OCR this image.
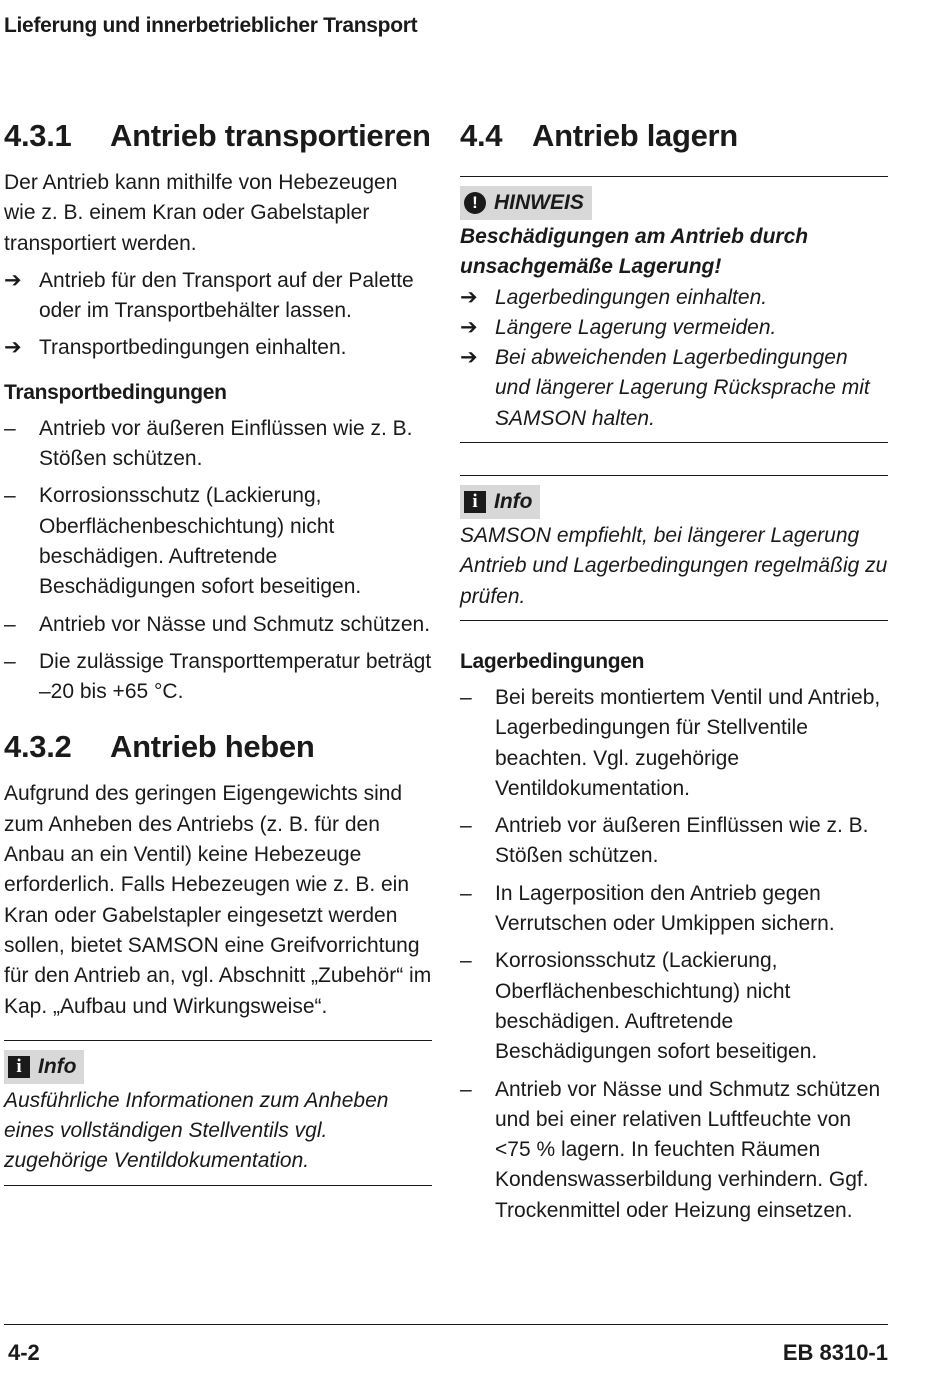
Lieferung und innerbetrieblicher Transport
4.3.1	Antrieb transportieren

Der Antrieb kann mithilfe von Hebezeugen wie z. B. einem Kran oder Gabelstapler transportiert werden.

➔ Antrieb für den Transport auf der Palette oder im Transportbehälter lassen.
➔ Transportbedingungen einhalten.
Transportbedingungen
– Antrieb vor äußeren Einflüssen wie z. B. Stößen schützen.
– Korrosionsschutz (Lackierung, Oberflächenbeschichtung) nicht beschädigen. Auftretende Beschädigungen sofort beseitigen.
– Antrieb vor Nässe und Schmutz schützen.
– Die zulässige Transporttemperatur beträgt –20 bis +65 °C.
4.3.2	Antrieb heben

Aufgrund des geringen Eigengewichts sind zum Anheben des Antriebs (z. B. für den Anbau an ein Ventil) keine Hebezeuge erforderlich. Falls Hebezeugen wie z. B. ein Kran oder Gabelstapler eingesetzt werden sollen, bietet SAMSON eine Greifvorrichtung für den Antrieb an, vgl. Abschnitt „Zubehör“ im Kap. „Aufbau und Wirkungsweise“.

i Info

Ausführliche Informationen zum Anheben eines vollständigen Stellventils vgl. zugehörige Ventildokumentation.

4.4 Antrieb lagern
! HINWEIS

Beschädigungen am Antrieb durch unsachgemäße Lagerung!

➔ Lagerbedingungen einhalten.
➔ Längere Lagerung vermeiden.
➔ Bei abweichenden Lagerbedingungen und längerer Lagerung Rücksprache mit SAMSON halten.
i Info

SAMSON empfiehlt, bei längerer Lagerung Antrieb und Lagerbedingungen regelmäßig zu prüfen.

Lagerbedingungen
– Bei bereits montiertem Ventil und Antrieb, Lagerbedingungen für Stellventile beachten. Vgl. zugehörige Ventildokumentation.
– Antrieb vor äußeren Einflüssen wie z. B. Stößen schützen.
– In Lagerposition den Antrieb gegen Verrutschen oder Umkippen sichern.
– Korrosionsschutz (Lackierung, Oberflächenbeschichtung) nicht beschädigen. Auftretende Beschädigungen sofort beseitigen.
– Antrieb vor Nässe und Schmutz schützen und bei einer relativen Luftfeuchte von <75 % lagern. In feuchten Räumen Kondenswasserbildung verhindern. Ggf. Trockenmittel oder Heizung einsetzen.
4-2	EB 8310-1
